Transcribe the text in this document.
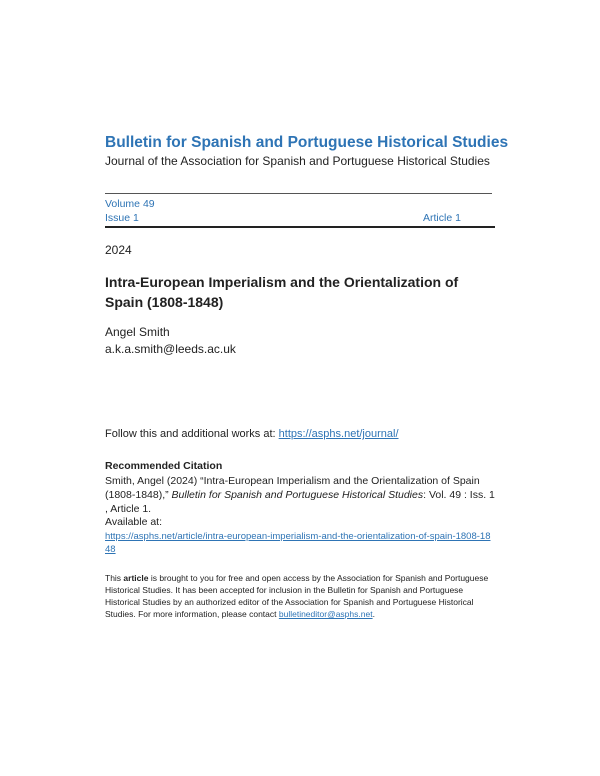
Bulletin for Spanish and Portuguese Historical Studies
Journal of the Association for Spanish and Portuguese Historical Studies
Volume 49
Issue 1	Article 1
2024
Intra-European Imperialism and the Orientalization of Spain (1808-1848)
Angel Smith
a.k.a.smith@leeds.ac.uk
Follow this and additional works at: https://asphs.net/journal/
Recommended Citation
Smith, Angel (2024) “Intra-European Imperialism and the Orientalization of Spain (1808-1848),” Bulletin for Spanish and Portuguese Historical Studies: Vol. 49 : Iss. 1 , Article 1.
Available at:
https://asphs.net/article/intra-european-imperialism-and-the-orientalization-of-spain-1808-1848
This article is brought to you for free and open access by the Association for Spanish and Portuguese Historical Studies. It has been accepted for inclusion in the Bulletin for Spanish and Portuguese Historical Studies by an authorized editor of the Association for Spanish and Portuguese Historical Studies. For more information, please contact bulletineditor@asphs.net.
